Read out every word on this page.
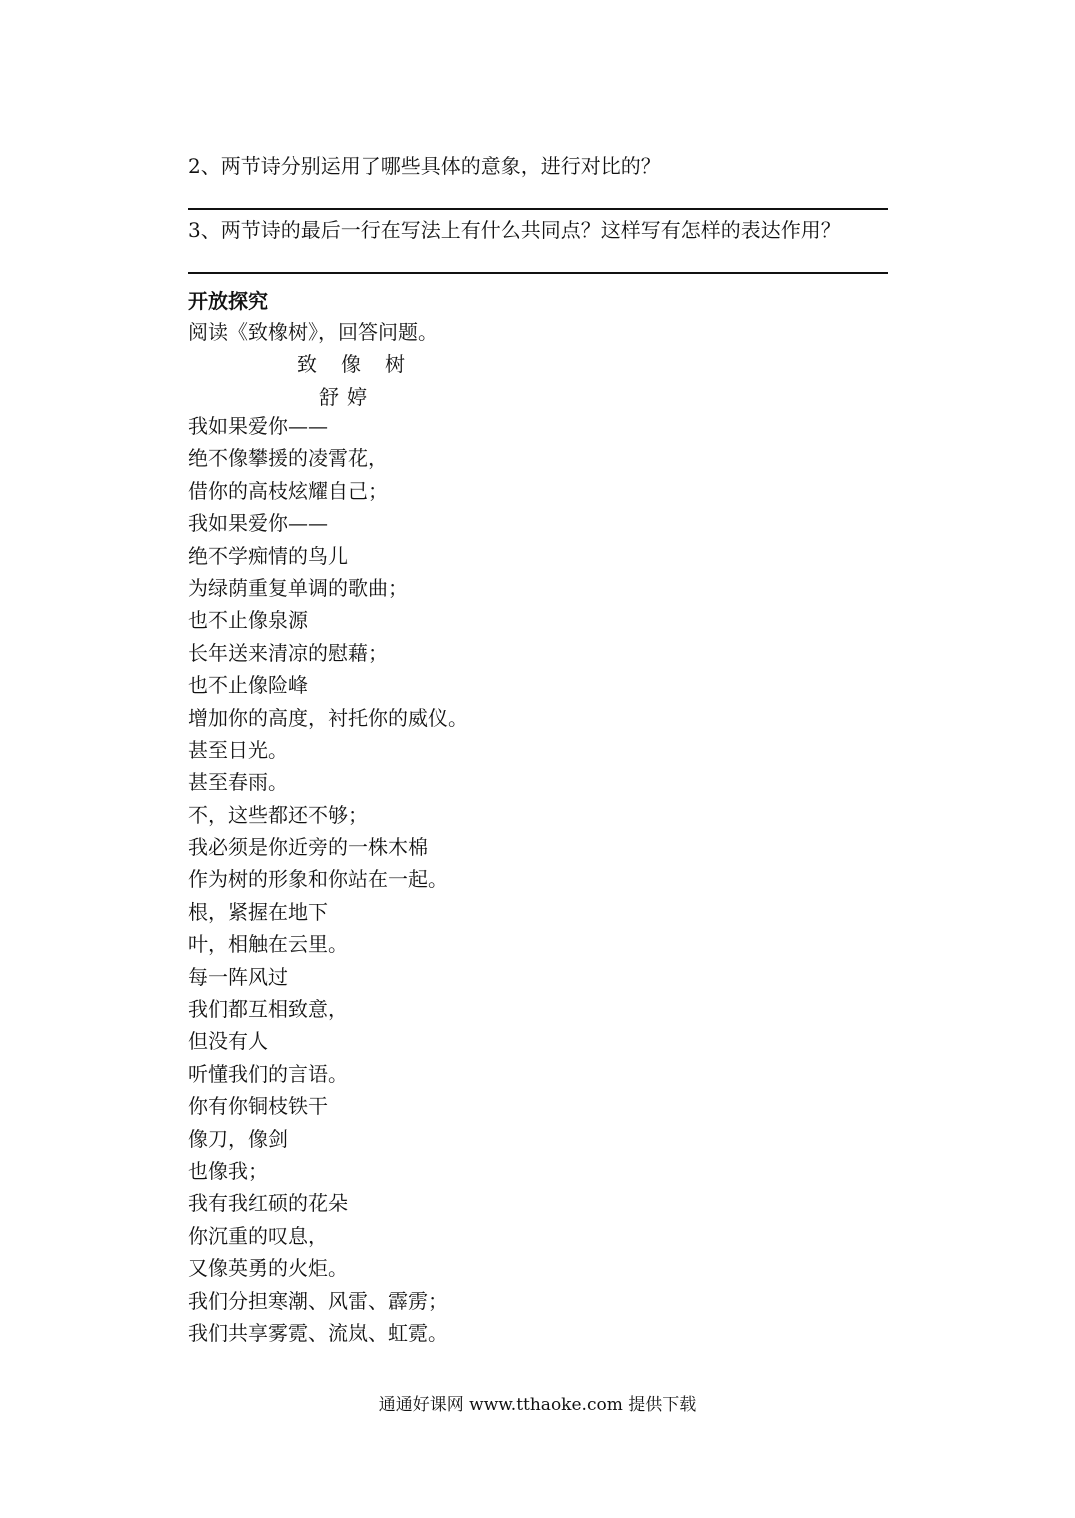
2、两节诗分别运用了哪些具体的意象，进行对比的？
3、两节诗的最后一行在写法上有什么共同点？这样写有怎样的表达作用？
开放探究
阅读《致橡树》，回答问题。
致像树
舒婷
我如果爱你——
绝不像攀援的凌霄花，
借你的高枝炫耀自己；
我如果爱你——
绝不学痴情的鸟儿
为绿荫重复单调的歌曲；
也不止像泉源
长年送来清凉的慰藉；
也不止像险峰
增加你的高度，衬托你的威仪。
甚至日光。
甚至春雨。
不，这些都还不够；
我必须是你近旁的一株木棉
作为树的形象和你站在一起。
根，紧握在地下
叶，相触在云里。
每一阵风过
我们都互相致意，
但没有人
听懂我们的言语。
你有你铜枝铁干
像刀，像剑
也像我；
我有我红硕的花朵
你沉重的叹息，
又像英勇的火炬。
我们分担寒潮、风雷、霹雳；
我们共享雾霓、流岚、虹霓。
通通好课网 www.tthaoke.com 提供下载
